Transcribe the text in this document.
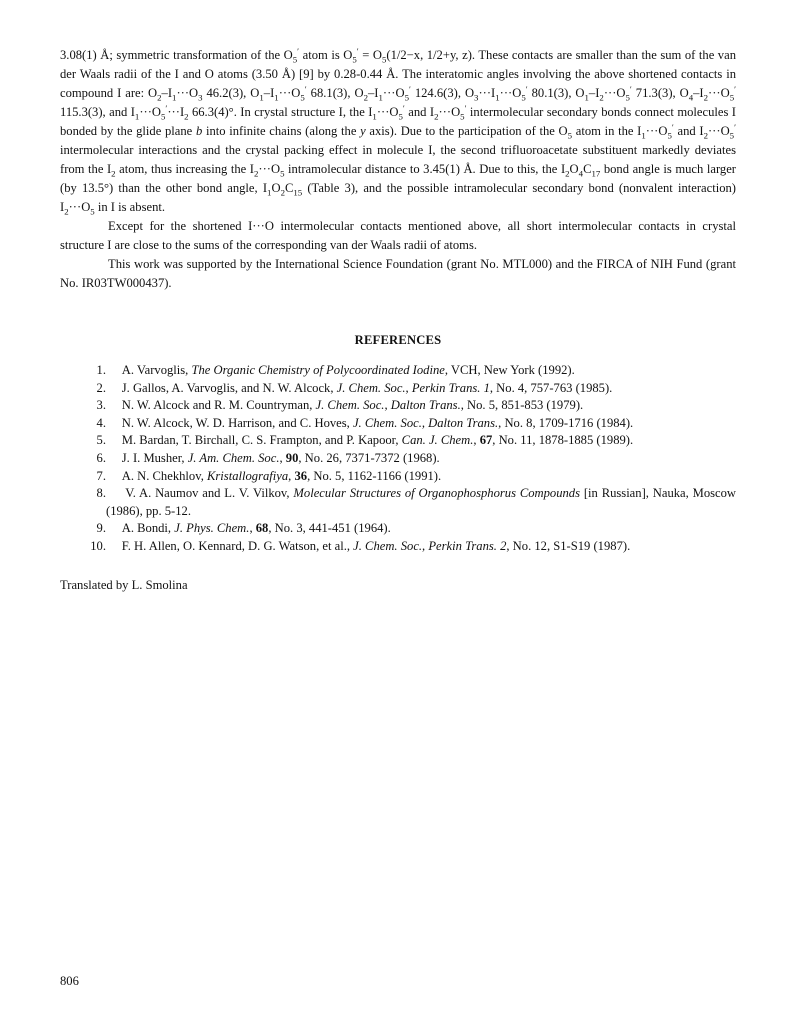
3.08(1) Å; symmetric transformation of the $O_5'$ atom is $O_5' = O_5(1/2-x$, 1/2+y, z). These contacts are smaller than the sum of the van der Waals radii of the I and O atoms (3.50 Å) [9] by 0.28-0.44 Å. The interatomic angles involving the above shortened contacts in compound I are: $O_2-I_1\cdot\cdot\cdot O_3$ 46.2(3), $O_1-I_1\cdot\cdot\cdot O_5'$ 68.1(3), $O_2-I_1\cdot\cdot\cdot O_5'$ 124.6(3), $O_3\cdot\cdot\cdot I_1\cdot\cdot\cdot O_5'$ 80.1(3), $O_1-I_2\cdot\cdot\cdot O_5'$ 71.3(3), $O_4-I_2\cdot\cdot\cdot O_5'$ 115.3(3), and $I_1\cdot\cdot\cdot O_5'\cdot\cdot\cdot I_2$ 66.3(4)°. In crystal structure I, the $I_1\cdot\cdot\cdot O_5'$ and $I_2\cdot\cdot\cdot O_5'$ intermolecular secondary bonds connect molecules I bonded by the glide plane b into infinite chains (along the y axis). Due to the participation of the $O_5$ atom in the $I_1\cdot\cdot\cdot O_5'$ and $I_2\cdot\cdot\cdot O_5'$ intermolecular interactions and the crystal packing effect in molecule I, the second trifluoroacetate substituent markedly deviates from the $I_2$ atom, thus increasing the $I_2\cdot\cdot\cdot O_5$ intramolecular distance to 3.45(1) Å. Due to this, the $I_2O_4C_{17}$ bond angle is much larger (by 13.5°) than the other bond angle, $I_1O_2C_{15}$ (Table 3), and the possible intramolecular secondary bond (nonvalent interaction) $I_2\cdot\cdot\cdot O_5$ in I is absent.

Except for the shortened I···O intermolecular contacts mentioned above, all short intermolecular contacts in crystal structure I are close to the sums of the corresponding van der Waals radii of atoms.

This work was supported by the International Science Foundation (grant No. MTL000) and the FIRCA of NIH Fund (grant No. IR03TW000437).

REFERENCES
1.	A. Varvoglis, The Organic Chemistry of Polycoordinated Iodine, VCH, New York (1992).
2.	J. Gallos, A. Varvoglis, and N. W. Alcock, J. Chem. Soc., Perkin Trans. 1, No. 4, 757-763 (1985).
3.	N. W. Alcock and R. M. Countryman, J. Chem. Soc., Dalton Trans., No. 5, 851-853 (1979).
4.	N. W. Alcock, W. D. Harrison, and C. Hoves, J. Chem. Soc., Dalton Trans., No. 8, 1709-1716 (1984).
5.	M. Bardan, T. Birchall, C. S. Frampton, and P. Kapoor, Can. J. Chem., 67, No. 11, 1878-1885 (1989).
6.	J. I. Musher, J. Am. Chem. Soc., 90, No. 26, 7371-7372 (1968).
7.	A. N. Chekhlov, Kristallografiya, 36, No. 5, 1162-1166 (1991).
8.	V. A. Naumov and L. V. Vilkov, Molecular Structures of Organophosphorus Compounds [in Russian], Nauka, Moscow (1986), pp. 5-12.
9.	A. Bondi, J. Phys. Chem., 68, No. 3, 441-451 (1964).
10.	F. H. Allen, O. Kennard, D. G. Watson, et al., J. Chem. Soc., Perkin Trans. 2, No. 12, S1-S19 (1987).
Translated by L. Smolina
806
